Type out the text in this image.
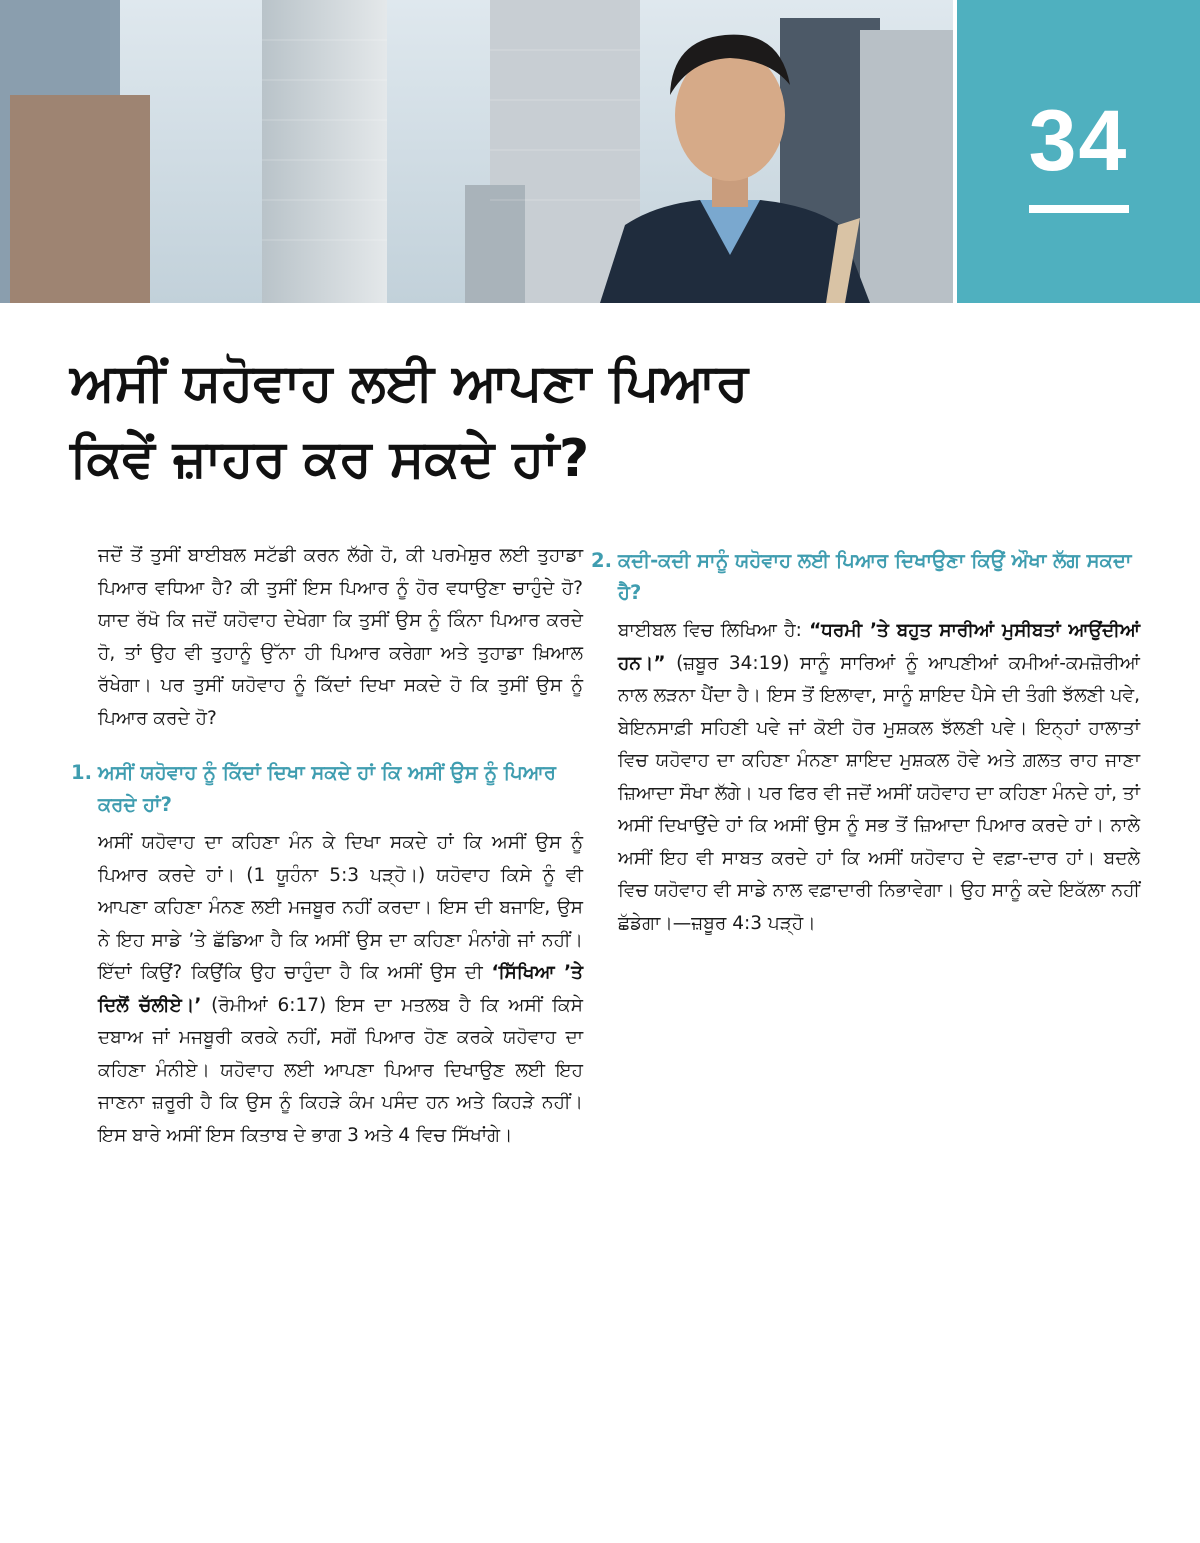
34
ਅਸੀਂ ਯਹੋਵਾਹ ਲਈ ਆਪਣਾ ਪਿਆਰ
ਕਿਵੇਂ ਜ਼ਾਹਰ ਕਰ ਸਕਦੇ ਹਾਂ?

ਜਦੋਂ ਤੋਂ ਤੁਸੀਂ ਬਾਈਬਲ ਸਟੱਡੀ ਕਰਨ ਲੱਗੇ ਹੋ, ਕੀ ਪਰਮੇਸ਼ੁਰ ਲਈ ਤੁਹਾਡਾ ਪਿਆਰ ਵਧਿਆ ਹੈ? ਕੀ ਤੁਸੀਂ ਇਸ ਪਿਆਰ ਨੂੰ ਹੋਰ ਵਧਾਉਣਾ ਚਾਹੁੰਦੇ ਹੋ? ਯਾਦ ਰੱਖੋ ਕਿ ਜਦੋਂ ਯਹੋਵਾਹ ਦੇਖੇਗਾ ਕਿ ਤੁਸੀਂ ਉਸ ਨੂੰ ਕਿੰਨਾ ਪਿਆਰ ਕਰਦੇ ਹੋ, ਤਾਂ ਉਹ ਵੀ ਤੁਹਾਨੂੰ ਉੱਨਾ ਹੀ ਪਿਆਰ ਕਰੇਗਾ ਅਤੇ ਤੁਹਾਡਾ ਖ਼ਿਆਲ ਰੱਖੇਗਾ। ਪਰ ਤੁਸੀਂ ਯਹੋਵਾਹ ਨੂੰ ਕਿੱਦਾਂ ਦਿਖਾ ਸਕਦੇ ਹੋ ਕਿ ਤੁਸੀਂ ਉਸ ਨੂੰ ਪਿਆਰ ਕਰਦੇ ਹੋ?

1. ਅਸੀਂ ਯਹੋਵਾਹ ਨੂੰ ਕਿੱਦਾਂ ਦਿਖਾ ਸਕਦੇ ਹਾਂ ਕਿ ਅਸੀਂ ਉਸ ਨੂੰ ਪਿਆਰ ਕਰਦੇ ਹਾਂ?

ਅਸੀਂ ਯਹੋਵਾਹ ਦਾ ਕਹਿਣਾ ਮੰਨ ਕੇ ਦਿਖਾ ਸਕਦੇ ਹਾਂ ਕਿ ਅਸੀਂ ਉਸ ਨੂੰ ਪਿਆਰ ਕਰਦੇ ਹਾਂ। (1 ਯੂਹੰਨਾ 5:3 ਪੜ੍ਹੋ।) ਯਹੋਵਾਹ ਕਿਸੇ ਨੂੰ ਵੀ ਆਪਣਾ ਕਹਿਣਾ ਮੰਨਣ ਲਈ ਮਜਬੂਰ ਨਹੀਂ ਕਰਦਾ। ਇਸ ਦੀ ਬਜਾਇ, ਉਸ ਨੇ ਇਹ ਸਾਡੇ ’ਤੇ ਛੱਡਿਆ ਹੈ ਕਿ ਅਸੀਂ ਉਸ ਦਾ ਕਹਿਣਾ ਮੰਨਾਂਗੇ ਜਾਂ ਨਹੀਂ। ਇੱਦਾਂ ਕਿਉਂ? ਕਿਉਂਕਿ ਉਹ ਚਾਹੁੰਦਾ ਹੈ ਕਿ ਅਸੀਂ ਉਸ ਦੀ ‘ਸਿੱਖਿਆ ’ਤੇ ਦਿਲੋਂ ਚੱਲੀਏ।’ (ਰੋਮੀਆਂ 6:17) ਇਸ ਦਾ ਮਤਲਬ ਹੈ ਕਿ ਅਸੀਂ ਕਿਸੇ ਦਬਾਅ ਜਾਂ ਮਜਬੂਰੀ ਕਰਕੇ ਨਹੀਂ, ਸਗੋਂ ਪਿਆਰ ਹੋਣ ਕਰਕੇ ਯਹੋਵਾਹ ਦਾ ਕਹਿਣਾ ਮੰਨੀਏ। ਯਹੋਵਾਹ ਲਈ ਆਪਣਾ ਪਿਆਰ ਦਿਖਾਉਣ ਲਈ ਇਹ ਜਾਣਨਾ ਜ਼ਰੂਰੀ ਹੈ ਕਿ ਉਸ ਨੂੰ ਕਿਹੜੇ ਕੰਮ ਪਸੰਦ ਹਨ ਅਤੇ ਕਿਹੜੇ ਨਹੀਂ। ਇਸ ਬਾਰੇ ਅਸੀਂ ਇਸ ਕਿਤਾਬ ਦੇ ਭਾਗ 3 ਅਤੇ 4 ਵਿਚ ਸਿੱਖਾਂਗੇ।

2. ਕਦੀ-ਕਦੀ ਸਾਨੂੰ ਯਹੋਵਾਹ ਲਈ ਪਿਆਰ ਦਿਖਾਉਣਾ ਕਿਉਂ ਔਖਾ ਲੱਗ ਸਕਦਾ ਹੈ?

ਬਾਈਬਲ ਵਿਚ ਲਿਖਿਆ ਹੈ: “ਧਰਮੀ ’ਤੇ ਬਹੁਤ ਸਾਰੀਆਂ ਮੁਸੀਬਤਾਂ ਆਉਂਦੀਆਂ ਹਨ।” (ਜ਼ਬੂਰ 34:19) ਸਾਨੂੰ ਸਾਰਿਆਂ ਨੂੰ ਆਪਣੀਆਂ ਕਮੀਆਂ-ਕਮਜ਼ੋਰੀਆਂ ਨਾਲ ਲੜਨਾ ਪੈਂਦਾ ਹੈ। ਇਸ ਤੋਂ ਇਲਾਵਾ, ਸਾਨੂੰ ਸ਼ਾਇਦ ਪੈਸੇ ਦੀ ਤੰਗੀ ਝੱਲਣੀ ਪਵੇ, ਬੇਇਨਸਾਫ਼ੀ ਸਹਿਣੀ ਪਵੇ ਜਾਂ ਕੋਈ ਹੋਰ ਮੁਸ਼ਕਲ ਝੱਲਣੀ ਪਵੇ। ਇਨ੍ਹਾਂ ਹਾਲਾਤਾਂ ਵਿਚ ਯਹੋਵਾਹ ਦਾ ਕਹਿਣਾ ਮੰਨਣਾ ਸ਼ਾਇਦ ਮੁਸ਼ਕਲ ਹੋਵੇ ਅਤੇ ਗ਼ਲਤ ਰਾਹ ਜਾਣਾ ਜ਼ਿਆਦਾ ਸੌਖਾ ਲੱਗੇ। ਪਰ ਫਿਰ ਵੀ ਜਦੋਂ ਅਸੀਂ ਯਹੋਵਾਹ ਦਾ ਕਹਿਣਾ ਮੰਨਦੇ ਹਾਂ, ਤਾਂ ਅਸੀਂ ਦਿਖਾਉਂਦੇ ਹਾਂ ਕਿ ਅਸੀਂ ਉਸ ਨੂੰ ਸਭ ਤੋਂ ਜ਼ਿਆਦਾ ਪਿਆਰ ਕਰਦੇ ਹਾਂ। ਨਾਲੇ ਅਸੀਂ ਇਹ ਵੀ ਸਾਬਤ ਕਰਦੇ ਹਾਂ ਕਿ ਅਸੀਂ ਯਹੋਵਾਹ ਦੇ ਵਫ਼ਾ-ਦਾਰ ਹਾਂ। ਬਦਲੇ ਵਿਚ ਯਹੋਵਾਹ ਵੀ ਸਾਡੇ ਨਾਲ ਵਫ਼ਾਦਾਰੀ ਨਿਭਾਵੇਗਾ। ਉਹ ਸਾਨੂੰ ਕਦੇ ਇਕੱਲਾ ਨਹੀਂ ਛੱਡੇਗਾ।—ਜ਼ਬੂਰ 4:3 ਪੜ੍ਹੋ।
